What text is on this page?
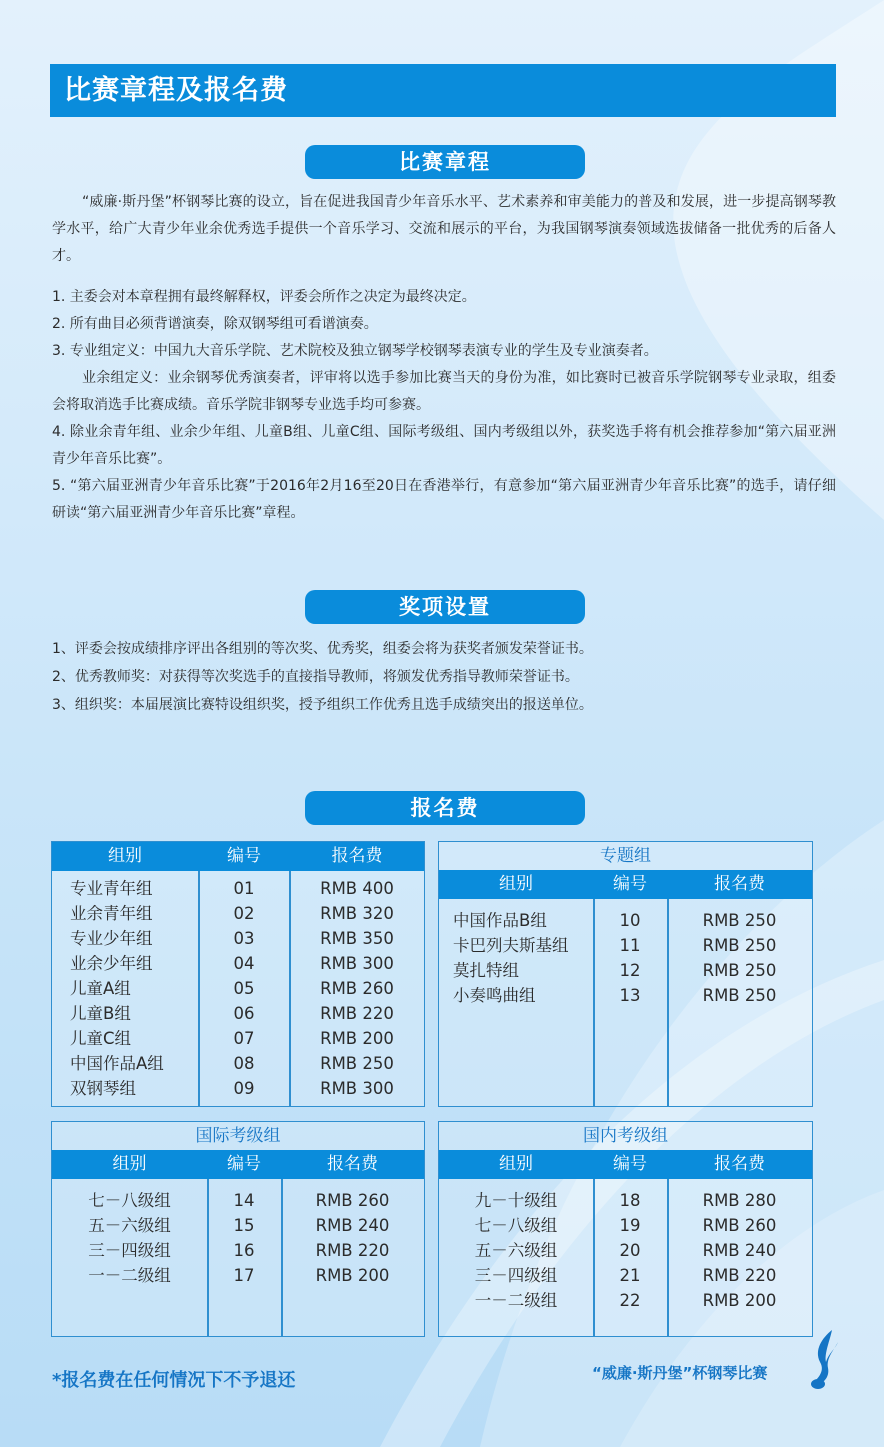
比赛章程及报名费
比赛章程

“威廉·斯丹堡”杯钢琴比赛的设立，旨在促进我国青少年音乐水平、艺术素养和审美能力的普及和发展，进一步提高钢琴教学水平，给广大青少年业余优秀选手提供一个音乐学习、交流和展示的平台，为我国钢琴演奏领域选拔储备一批优秀的后备人才。

1. 主委会对本章程拥有最终解释权，评委会所作之决定为最终决定。

2. 所有曲目必须背谱演奏，除双钢琴组可看谱演奏。

3. 专业组定义：中国九大音乐学院、艺术院校及独立钢琴学校钢琴表演专业的学生及专业演奏者。

业余组定义：业余钢琴优秀演奏者，评审将以选手参加比赛当天的身份为准，如比赛时已被音乐学院钢琴专业录取，组委会将取消选手比赛成绩。音乐学院非钢琴专业选手均可参赛。

4. 除业余青年组、业余少年组、儿童B组、儿童C组、国际考级组、国内考级组以外，获奖选手将有机会推荐参加“第六届亚洲青少年音乐比赛”。

5. “第六届亚洲青少年音乐比赛”于2016年2月16至20日在香港举行，有意参加“第六届亚洲青少年音乐比赛”的选手，请仔细研读“第六届亚洲青少年音乐比赛”章程。

奖项设置

1、评委会按成绩排序评出各组别的等次奖、优秀奖，组委会将为获奖者颁发荣誉证书。

2、优秀教师奖：对获得等次奖选手的直接指导教师，将颁发优秀指导教师荣誉证书。

3、组织奖：本届展演比赛特设组织奖，授予组织工作优秀且选手成绩突出的报送单位。

报名费
组别	编号	报名费
专业青年组	01	RMB 400
业余青年组	02	RMB 320
专业少年组	03	RMB 350
业余少年组	04	RMB 300
儿童A组	05	RMB 260
儿童B组	06	RMB 220
儿童C组	07	RMB 200
中国作品A组	08	RMB 250
双钢琴组	09	RMB 300
专题组
组别	编号	报名费
中国作品B组	10	RMB 250
卡巴列夫斯基组	11	RMB 250
莫扎特组	12	RMB 250
小奏鸣曲组	13	RMB 250
国际考级组
组别	编号	报名费
七－八级组	14	RMB 260
五－六级组	15	RMB 240
三－四级组	16	RMB 220
一－二级组	17	RMB 200
国内考级组
组别	编号	报名费
九－十级组	18	RMB 280
七－八级组	19	RMB 260
五－六级组	20	RMB 240
三－四级组	21	RMB 220
一－二级组	22	RMB 200
*报名费在任何情况下不予退还	“威廉·斯丹堡”杯钢琴比赛
